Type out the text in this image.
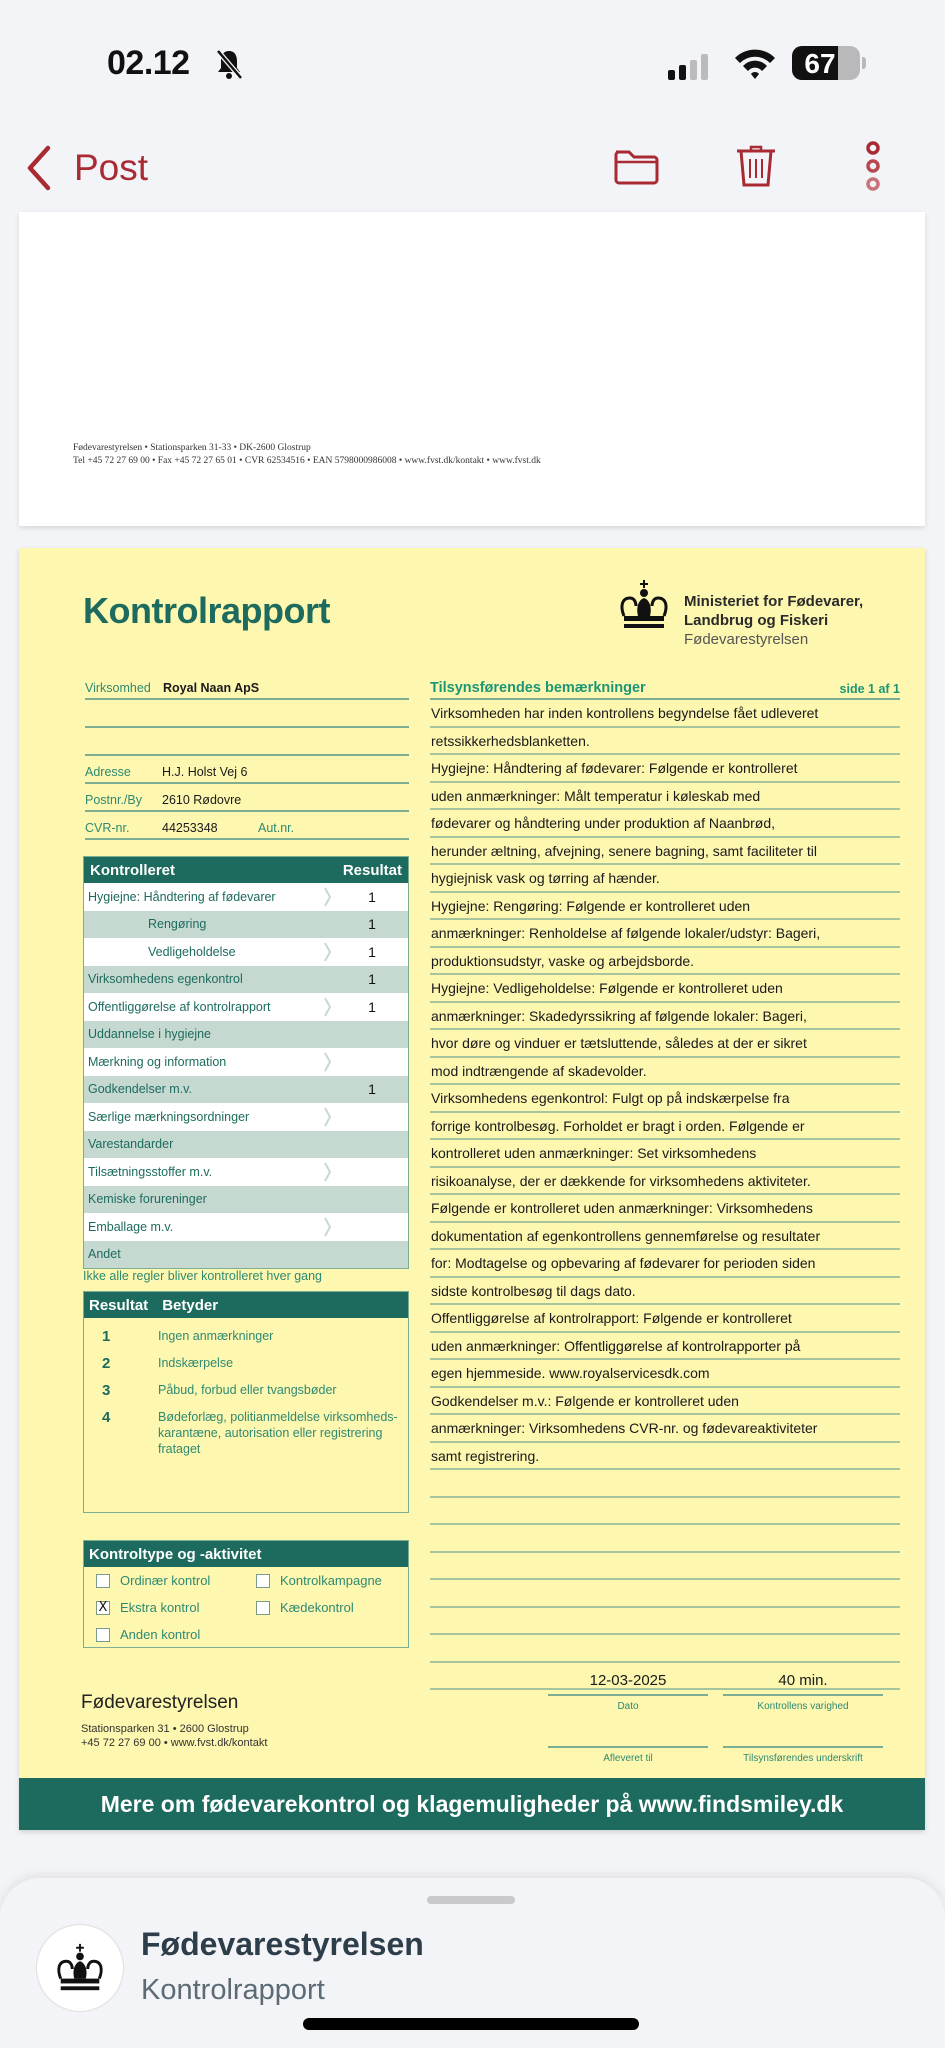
02.12	67
Post
Fødevarestyrelsen • Stationsparken 31-33 • DK-2600 Glostrup
Tel +45 72 27 69 00 • Fax +45 72 27 65 01 • CVR 62534516 • EAN 5798000986008 • www.fvst.dk/kontakt • www.fvst.dk
Kontrolrapport	Ministeriet for Fødevarer,
Landbrug og Fiskeri
Fødevarestyrelsen
Virksomhed Royal Naan ApS
Adresse H.J. Holst Vej 6
Postnr./By 2610 Rødovre
CVR-nr.	44253348	Aut.nr.
Kontrolleret	Resultat
Hygiejne: Håndtering af fødevarer	1
Rengøring	1
Vedligeholdelse	1
Virksomhedens egenkontrol	1
Offentliggørelse af kontrolrapport	1
Uddannelse i hygiejne
Mærkning og information
Godkendelser m.v.	1
Særlige mærkningsordninger
Varestandarder
Tilsætningsstoffer m.v.
Kemiske forureninger
Emballage m.v.
Andet
Ikke alle regler bliver kontrolleret hver gang
Resultat Betyder
1	Ingen anmærkninger
2	Indskærpelse
3	Påbud, forbud eller tvangsbøder
4	Bødeforlæg, politianmeldelse virksomheds-karantæne, autorisation eller registrering frataget
Kontroltype og -aktivitet
Ordinær kontrol	Kontrolkampagne
X Ekstra kontrol	Kædekontrol
Anden kontrol
Tilsynsførendes bemærkninger	side 1 af 1
Virksomheden har inden kontrollens begyndelse fået udleveret
retssikkerhedsblanketten.
Hygiejne: Håndtering af fødevarer: Følgende er kontrolleret
uden anmærkninger: Målt temperatur i køleskab med
fødevarer og håndtering under produktion af Naanbrød,
herunder æltning, afvejning, senere bagning, samt faciliteter til
hygiejnisk vask og tørring af hænder.
Hygiejne: Rengøring: Følgende er kontrolleret uden
anmærkninger: Renholdelse af følgende lokaler/udstyr: Bageri,
produktionsudstyr, vaske og arbejdsborde.
Hygiejne: Vedligeholdelse: Følgende er kontrolleret uden
anmærkninger: Skadedyrssikring af følgende lokaler: Bageri,
hvor døre og vinduer er tætsluttende, således at der er sikret
mod indtrængende af skadevolder.
Virksomhedens egenkontrol: Fulgt op på indskærpelse fra
forrige kontrolbesøg. Forholdet er bragt i orden. Følgende er
kontrolleret uden anmærkninger: Set virksomhedens
risikoanalyse, der er dækkende for virksomhedens aktiviteter.
Følgende er kontrolleret uden anmærkninger: Virksomhedens
dokumentation af egenkontrollens gennemførelse og resultater
for: Modtagelse og opbevaring af fødevarer for perioden siden
sidste kontrolbesøg til dags dato.
Offentliggørelse af kontrolrapport: Følgende er kontrolleret
uden anmærkninger: Offentliggørelse af kontrolrapporter på
egen hjemmeside. www.royalservicesdk.com
Godkendelser m.v.: Følgende er kontrolleret uden
anmærkninger: Virksomhedens CVR-nr. og fødevareaktiviteter
samt registrering.
Fødevarestyrelsen
Stationsparken 31 • 2600 Glostrup
+45 72 27 69 00 • www.fvst.dk/kontakt
12-03-2025
Dato
40 min.
Kontrollens varighed
Afleveret til	Tilsynsførendes underskrift
Mere om fødevarekontrol og klagemuligheder på www.findsmiley.dk
Fødevarestyrelsen
Kontrolrapport
